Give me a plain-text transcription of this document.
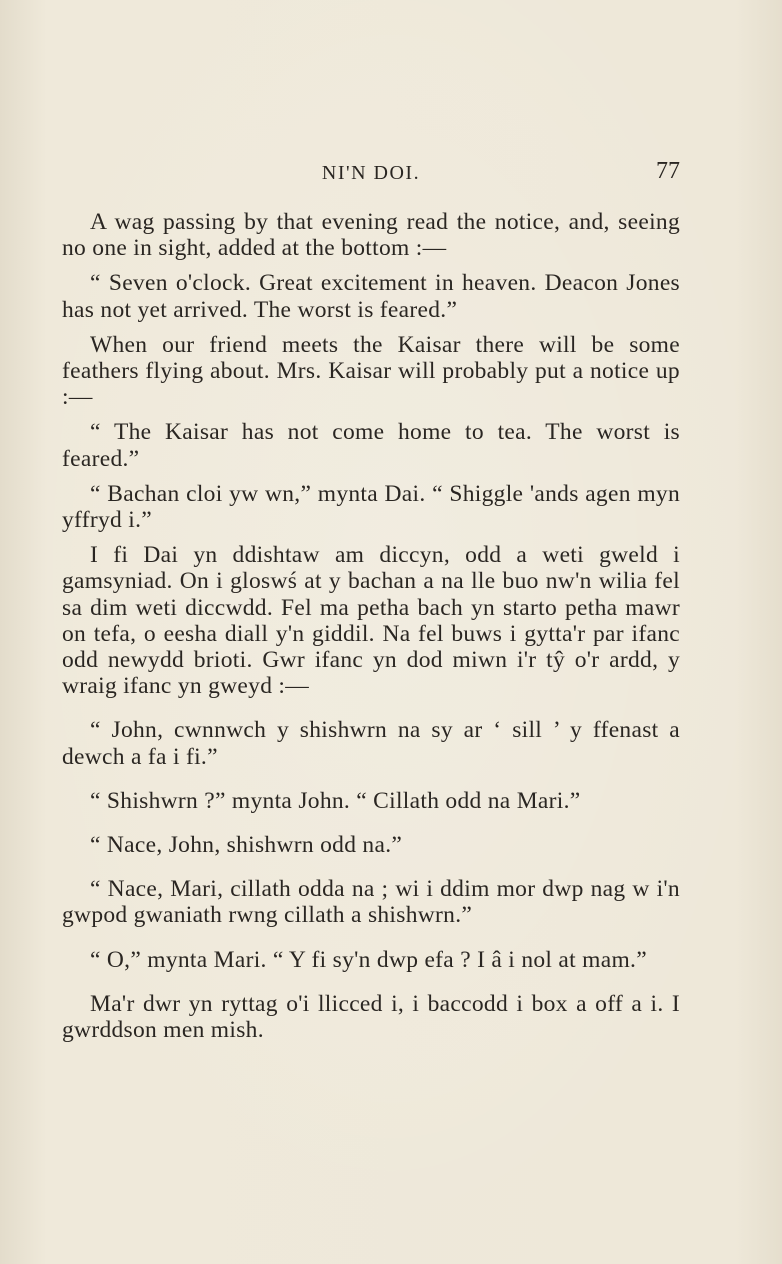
NI'N DOI.	77

A wag passing by that evening read the notice, and, seeing no one in sight, added at the bottom :—

“ Seven o'clock. Great excitement in heaven. Deacon Jones has not yet arrived. The worst is feared.”

When our friend meets the Kaisar there will be some feathers flying about. Mrs. Kaisar will probably put a notice up :—

“ The Kaisar has not come home to tea. The worst is feared.”

“ Bachan cloi yw wn,” mynta Dai. “ Shiggle 'ands agen myn yffryd i.”

I fi Dai yn ddishtaw am diccyn, odd a weti gweld i gamsyniad. On i gloswś at y bachan a na lle buo nw'n wilia fel sa dim weti diccwdd. Fel ma petha bach yn starto petha mawr on tefa, o eesha diall y'n giddil. Na fel buws i gytta'r par ifanc odd newydd brioti. Gwr ifanc yn dod miwn i'r tŷ o'r ardd, y wraig ifanc yn gweyd :—

“ John, cwnnwch y shishwrn na sy ar ‘ sill ’ y ffenast a dewch a fa i fi.”

“ Shishwrn ?” mynta John. “ Cillath odd na Mari.”

“ Nace, John, shishwrn odd na.”

“ Nace, Mari, cillath odda na ; wi i ddim mor dwp nag w i'n gwpod gwaniath rwng cillath a shishwrn.”

“ O,” mynta Mari. “ Y fi sy'n dwp efa ? I â i nol at mam.”

Ma'r dwr yn ryttag o'i llicced i, i baccodd i box a off a i. I gwrddson men mish.
